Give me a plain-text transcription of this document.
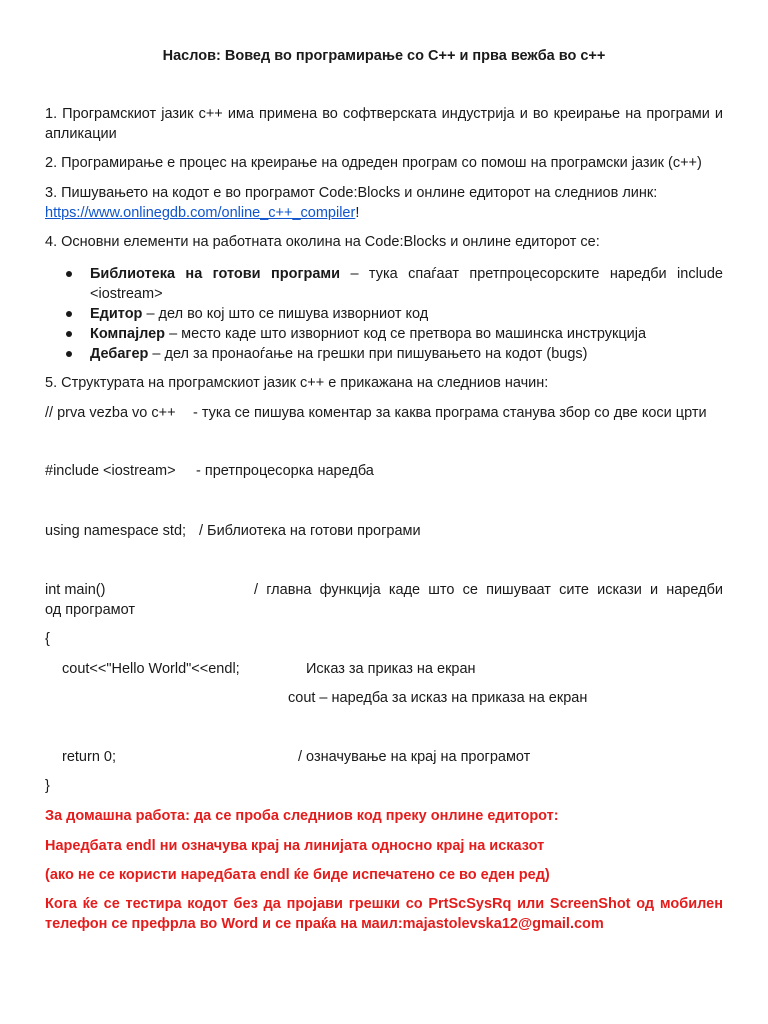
Наслов: Вовед во програмирање со C++ и прва вежба во c++
1. Програмскиот јазик c++ има примена во софтверската индустрија и во креирање на програми и апликации
2. Програмирање е процес на креирање на одреден програм со помош на програмски јазик (c++)
3. Пишувањето на кодот е во програмот Code:Blocks и онлине едиторот на следниов линк:
https://www.onlinegdb.com/online_c++_compiler!
4. Основни елементи на работната околина на Code:Blocks и онлине едиторот се:
Библиотека на готови програми – тука спаѓаат претпроцесорските наредби include <iostream>
Едитор – дел во кој што се пишува изворниот код
Компајлер – место каде што изворниот код се претвора во машинска инструкција
Дебагер – дел за пронаоѓање на грешки при пишувањето на кодот (bugs)
5. Структурата на програмскиот јазик c++ е прикажана на следниов начин:
// prva vezba vo c++ - тука се пишува коментар за каква програма станува збор со две коси црти
#include <iostream> - претпроцесорка наредба
using namespace std; / Библиотека на готови програми
int main()	/ главна функција каде што се пишуваат сите искази и наредби
од програмот
{
cout<<"Hello World"<<endl;	Исказ за приказ на екран
cout – наредба за исказ на приказа на екран
return 0;	/ означување на крај на програмот
}
За домашна работа: да се проба следниов код преку онлине едиторот:
Наредбата endl ни означува крај на линијата односно крај на исказот
(ако не се користи наредбата endl ќе биде испечатено се во еден ред)
Кога ќе се тестира кодот без да пројави грешки со PrtScSysRq или ScreenShot од мобилен телефон се префрла во Word и се праќа на маил:majastolevska12@gmail.com
